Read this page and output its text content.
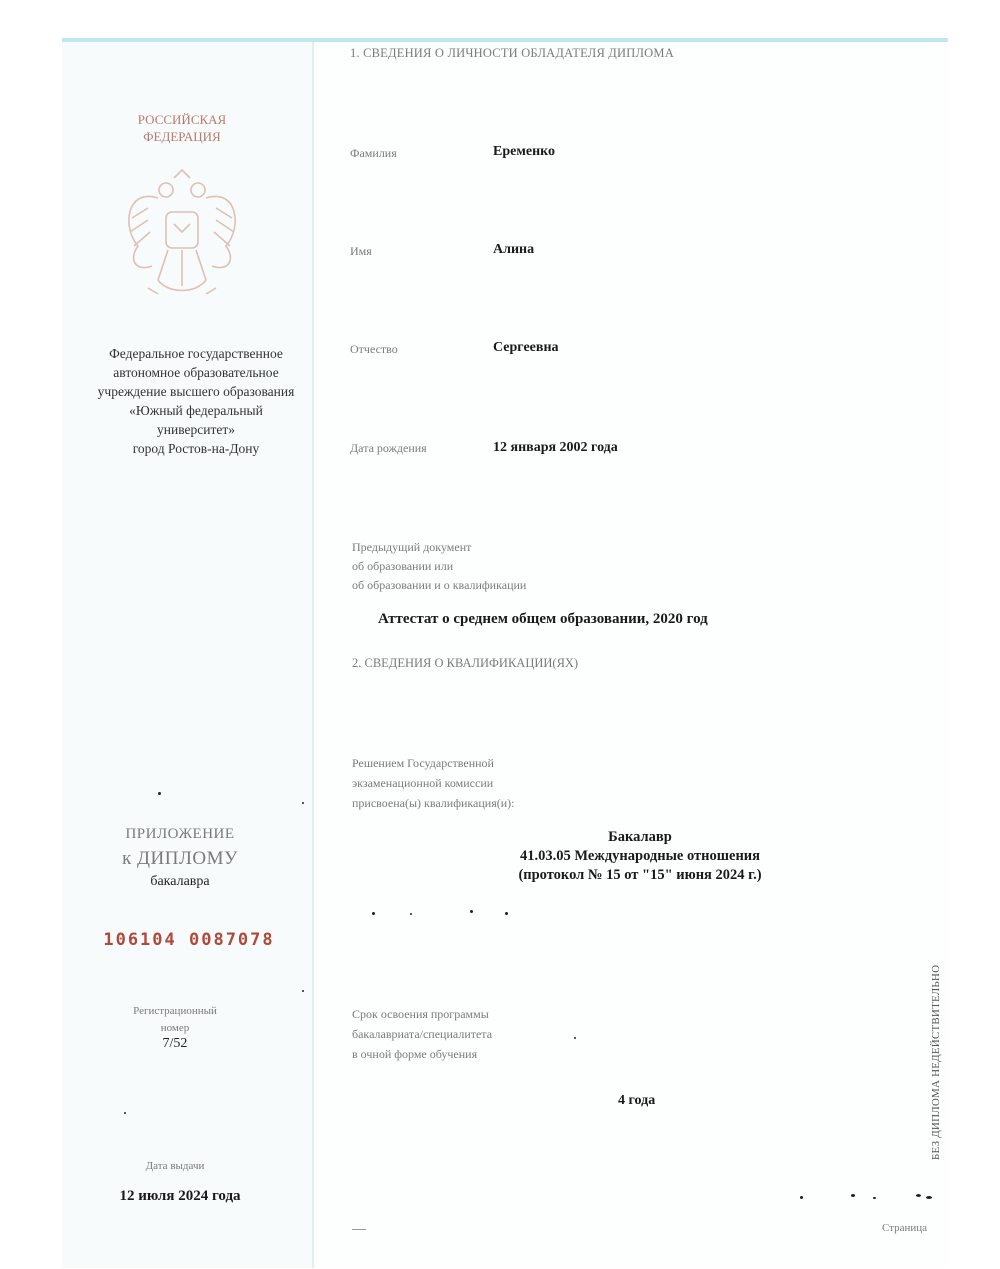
РОССИЙСКАЯ
ФЕДЕРАЦИЯ
Федеральное государственное
автономное образовательное
учреждение высшего образования
«Южный федеральный
университет»
город Ростов-на-Дону
ПРИЛОЖЕНИЕ
к ДИПЛОМУ
бакалавра
106104 0087078
Регистрационный
номер
7/52
Дата выдачи
12 июля 2024 года
1. СВЕДЕНИЯ О ЛИЧНОСТИ ОБЛАДАТЕЛЯ ДИПЛОМА
Фамилия	Еременко
Имя	Алина
Отчество	Сергеевна
Дата рождения	12 января 2002 года
Предыдущий документ
об образовании или
об образовании и о квалификации
Аттестат о среднем общем образовании, 2020 год
2. СВЕДЕНИЯ О КВАЛИФИКАЦИИ(ЯХ)
Решением Государственной
экзаменационной комиссии
присвоена(ы) квалификация(и):
Бакалавр
41.03.05 Международные отношения
(протокол № 15 от "15" июня 2024 г.)
Срок освоения программы
бакалавриата/специалитета
в очной форме обучения
4 года	БЕЗ ДИПЛОМА НЕДЕЙСТВИТЕЛЬНО
Страница
